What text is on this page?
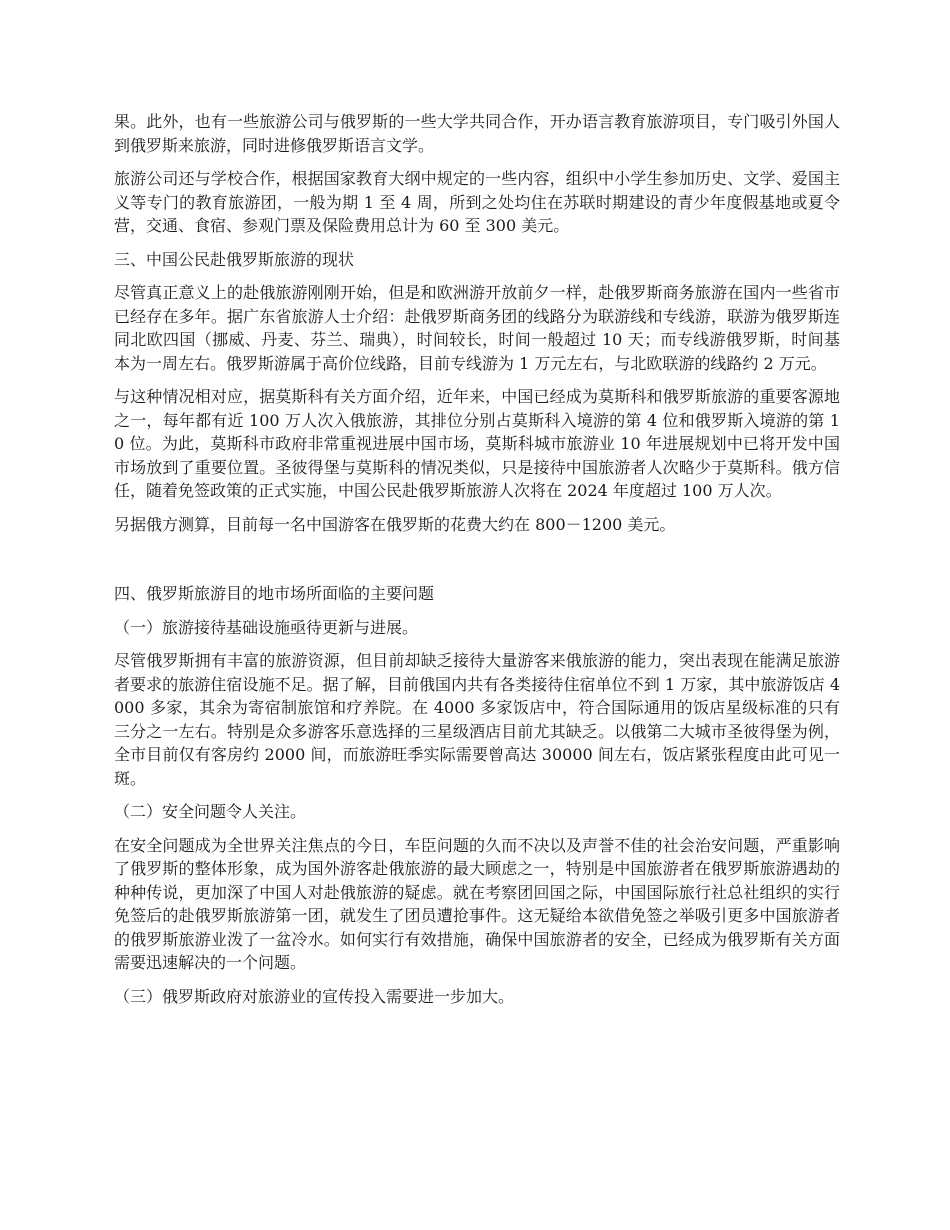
果。此外，也有一些旅游公司与俄罗斯的一些大学共同合作，开办语言教育旅游项目，专门吸引外国人到俄罗斯来旅游，同时进修俄罗斯语言文学。

旅游公司还与学校合作，根据国家教育大纲中规定的一些内容，组织中小学生参加历史、文学、爱国主义等专门的教育旅游团，一般为期 1 至 4 周，所到之处均住在苏联时期建设的青少年度假基地或夏令营，交通、食宿、参观门票及保险费用总计为 60 至 300 美元。

三、中国公民赴俄罗斯旅游的现状

尽管真正意义上的赴俄旅游刚刚开始，但是和欧洲游开放前夕一样，赴俄罗斯商务旅游在国内一些省市已经存在多年。据广东省旅游人士介绍：赴俄罗斯商务团的线路分为联游线和专线游，联游为俄罗斯连同北欧四国（挪威、丹麦、芬兰、瑞典），时间较长，时间一般超过 10 天；而专线游俄罗斯，时间基本为一周左右。俄罗斯游属于高价位线路，目前专线游为 1 万元左右，与北欧联游的线路约 2 万元。

与这种情况相对应，据莫斯科有关方面介绍，近年来，中国已经成为莫斯科和俄罗斯旅游的重要客源地之一，每年都有近 100 万人次入俄旅游，其排位分别占莫斯科入境游的第 4 位和俄罗斯入境游的第 10 位。为此，莫斯科市政府非常重视进展中国市场，莫斯科城市旅游业 10 年进展规划中已将开发中国市场放到了重要位置。圣彼得堡与莫斯科的情况类似，只是接待中国旅游者人次略少于莫斯科。俄方信任，随着免签政策的正式实施，中国公民赴俄罗斯旅游人次将在 2024 年度超过 100 万人次。

另据俄方测算，目前每一名中国游客在俄罗斯的花费大约在 800－1200 美元。

四、俄罗斯旅游目的地市场所面临的主要问题

（一）旅游接待基础设施亟待更新与进展。

尽管俄罗斯拥有丰富的旅游资源，但目前却缺乏接待大量游客来俄旅游的能力，突出表现在能满足旅游者要求的旅游住宿设施不足。据了解，目前俄国内共有各类接待住宿单位不到 1 万家，其中旅游饭店 4000 多家，其余为寄宿制旅馆和疗养院。在 4000 多家饭店中，符合国际通用的饭店星级标准的只有三分之一左右。特别是众多游客乐意选择的三星级酒店目前尤其缺乏。以俄第二大城市圣彼得堡为例，全市目前仅有客房约 2000 间，而旅游旺季实际需要曾高达 30000 间左右，饭店紧张程度由此可见一斑。

（二）安全问题令人关注。

在安全问题成为全世界关注焦点的今日，车臣问题的久而不决以及声誉不佳的社会治安问题，严重影响了俄罗斯的整体形象，成为国外游客赴俄旅游的最大顾虑之一，特别是中国旅游者在俄罗斯旅游遇劫的种种传说，更加深了中国人对赴俄旅游的疑虑。就在考察团回国之际，中国国际旅行社总社组织的实行免签后的赴俄罗斯旅游第一团，就发生了团员遭抢事件。这无疑给本欲借免签之举吸引更多中国旅游者的俄罗斯旅游业泼了一盆冷水。如何实行有效措施，确保中国旅游者的安全，已经成为俄罗斯有关方面需要迅速解决的一个问题。

（三）俄罗斯政府对旅游业的宣传投入需要进一步加大。
